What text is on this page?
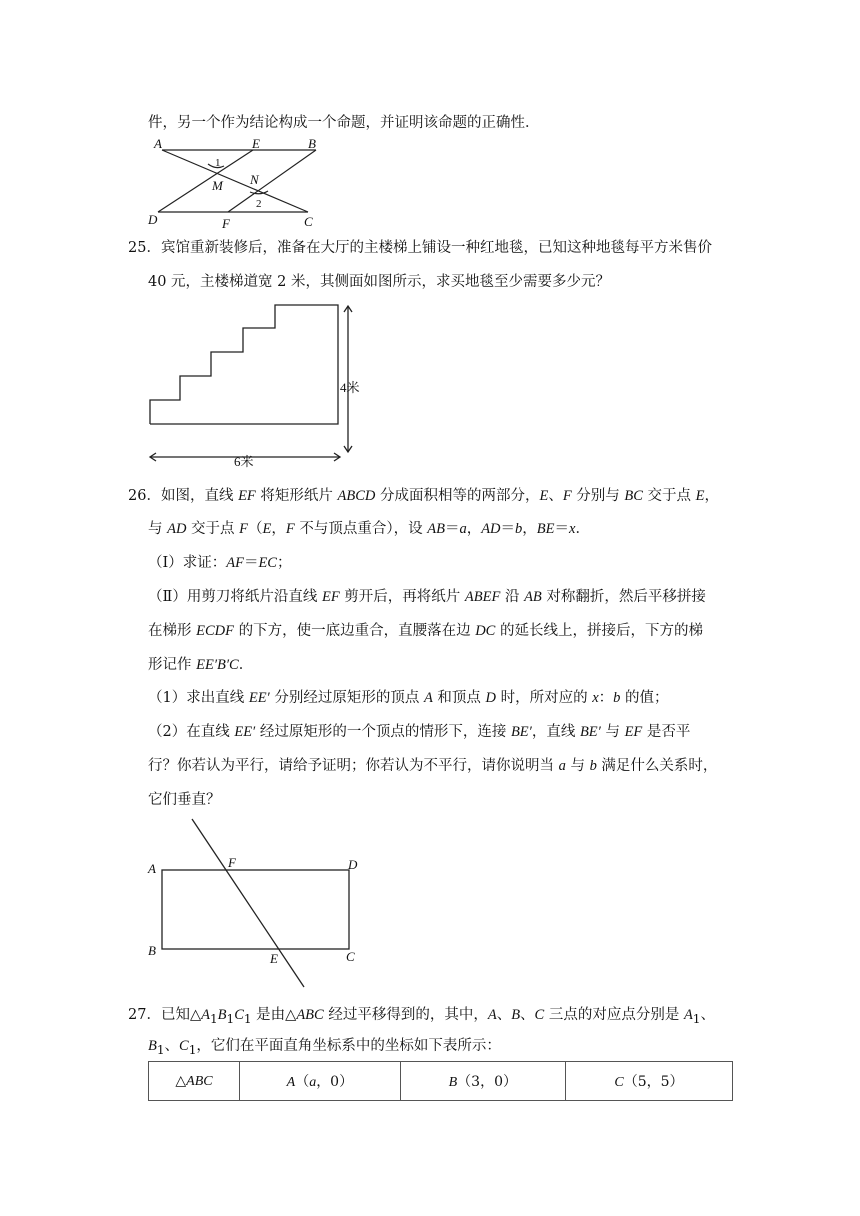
件，另一个作为结论构成一个命题，并证明该命题的正确性．
A	E	B
M N
D	F	C
1
2
25．宾馆重新装修后，准备在大厅的主楼梯上铺设一种红地毯，已知这种地毯每平方米售价
40 元，主楼梯道宽 2 米，其侧面如图所示，求买地毯至少需要多少元？
4米
6米
26．如图，直线 EF 将矩形纸片 ABCD 分成面积相等的两部分，E、F 分别与 BC 交于点 E，
与 AD 交于点 F（E，F 不与顶点重合），设 AB＝a，AD＝b，BE＝x．
（Ⅰ）求证：AF＝EC；
（Ⅱ）用剪刀将纸片沿直线 EF 剪开后，再将纸片 ABEF 沿 AB 对称翻折，然后平移拼接
在梯形 ECDF 的下方，使一底边重合，直腰落在边 DC 的延长线上，拼接后，下方的梯
形记作 EE′B′C．
（1）求出直线 EE′ 分别经过原矩形的顶点 A 和顶点 D 时，所对应的 x：b 的值；
（2）在直线 EE′ 经过原矩形的一个顶点的情形下，连接 BE′，直线 BE′ 与 EF 是否平
行？你若认为平行，请给予证明；你若认为不平行，请你说明当 a 与 b 满足什么关系时，
它们垂直？
A	F	D
B
E	C
27．已知$\triangle A_1B_1C_1$ 是由△ABC 经过平移得到的，其中，A、B、C 三点的对应点分别是 $A_1$、
$B_1$、$C_1$，它们在平面直角坐标系中的坐标如下表所示：
△ABC	A（a，0）	B（3，0）	C（5，5）
